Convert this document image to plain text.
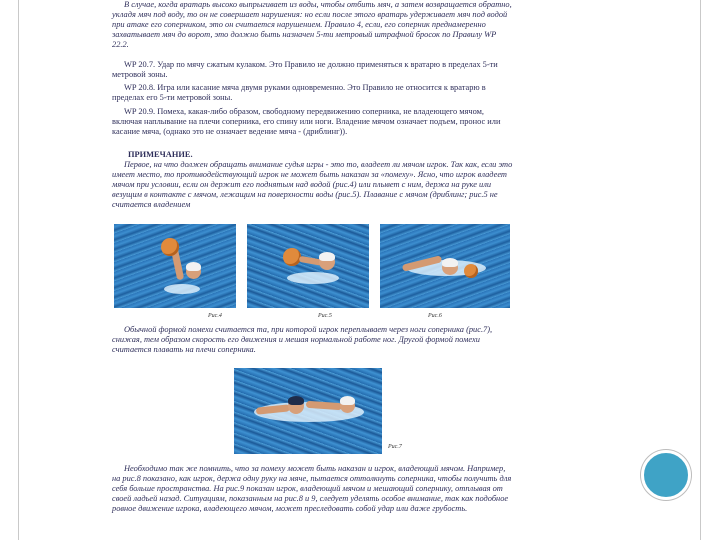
В случае, когда вратарь высоко выпрыгивает из воды, чтобы отбить мяч, а затем возвращается обратно, укладя мяч под воду, то он не совершает нарушения: но если после этого вратарь удерживает мяч под водой при атаке его соперником, это он считается нарушением. Правило 4, если, его соперник преднамеренно захватывает мяч до ворот, это должно быть назначен 5-ти метровый штрафной бросок по Правилу WP 22.2.

WP 20.7. Удар по мячу сжатым кулаком. Это Правило не должно применяться к вратарю в пределах 5-ти метровой зоны.

WP 20.8. Игра или касание мяча двумя руками одновременно. Это Правило не относится к вратарю в пределах его 5-ти метровой зоны.

WP 20.9. Помеха, какая-либо образом, свободному передвижению соперника, не владеющего мячом, включая наплывание на плечи соперника, его спину или ноги. Владение мячом означает подъем, пронос или касание мяча, (однако это не означает ведение мяча - (дриблинг)).

ПРИМЕЧАНИЕ.

Первое, на что должен обращать внимание судья игры - это то, владеет ли мячом игрок. Так как, если это имеет место, то противодействующий игрок не может быть наказан за «помеху». Ясно, что игрок владеет мячом при условии, если он держит его поднятым над водой (рис.4) или плывет с ним, держа на руке или везущим в контакте с мячом, лежащим на поверхности воды (рис.5). Плавание с мячом (дриблинг; рис.5 не считается владением

Рис.4	Рис.5	Рис.6

Обычной формой помехи считается та, при которой игрок переплывает через ноги соперника (рис.7), снижая, тем образом скорость его движения и мешая нормальной работе ног. Другой формой помехи считается плавать на плечи соперника.

Рис.7

Необходимо так же помнить, что за помеху может быть наказан и игрок, владеющий мячом. Например, на рис.8 показано, как игрок, держа одну руку на мяче, пытается оттолкнуть соперника, чтобы получить для себя больше пространства. На рис.9 показан игрок, владеющий мячом и мешающий сопернику, отплывая от своей ладьей назад. Ситуациям, показанным на рис.8 и 9, следует уделять особое внимание, так как подобное ровное движение игрока, владеющего мячом, может преследовать собой удар или даже грубость.
